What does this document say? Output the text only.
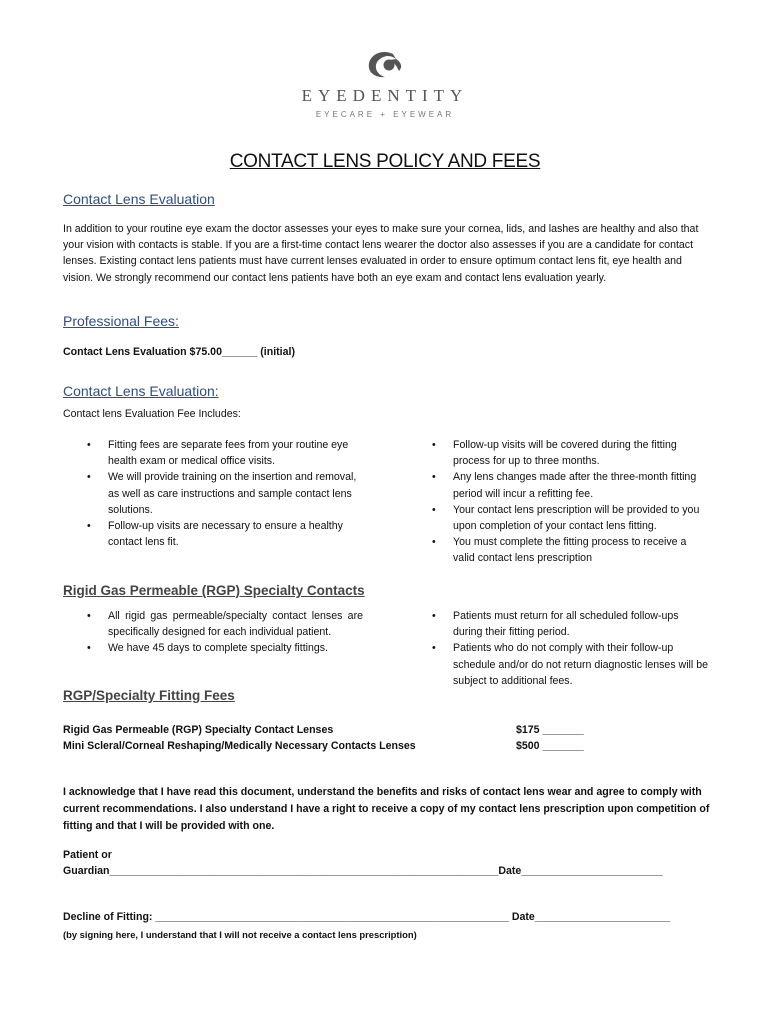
EYEDENTITY
EYECARE + EYEWEAR
CONTACT LENS POLICY AND FEES
Contact Lens Evaluation
In addition to your routine eye exam the doctor assesses your eyes to make sure your cornea, lids, and lashes are healthy and also that your vision with contacts is stable. If you are a first-time contact lens wearer the doctor also assesses if you are a candidate for contact lenses. Existing contact lens patients must have current lenses evaluated in order to ensure optimum contact lens fit, eye health and vision. We strongly recommend our contact lens patients have both an eye exam and contact lens evaluation yearly.
Professional Fees:
Contact Lens Evaluation $75.00______ (initial)
Contact Lens Evaluation:
Contact lens Evaluation Fee Includes:
• Fitting fees are separate fees from your routine eye health exam or medical office visits.
• We will provide training on the insertion and removal, as well as care instructions and sample contact lens solutions.
• Follow-up visits are necessary to ensure a healthy contact lens fit.
• Follow-up visits will be covered during the fitting process for up to three months.
• Any lens changes made after the three-month fitting period will incur a refitting fee.
• Your contact lens prescription will be provided to you upon completion of your contact lens fitting.
• You must complete the fitting process to receive a valid contact lens prescription
Rigid Gas Permeable (RGP) Specialty Contacts
• All rigid gas permeable/specialty contact lenses are specifically designed for each individual patient.
• We have 45 days to complete specialty fittings.
• Patients must return for all scheduled follow-ups during their fitting period.
• Patients who do not comply with their follow-up schedule and/or do not return diagnostic lenses will be subject to additional fees.
RGP/Specialty Fitting Fees
Rigid Gas Permeable (RGP) Specialty Contact Lenses	$175 _______
Mini Scleral/Corneal Reshaping/Medically Necessary Contacts Lenses	$500 _______
I acknowledge that I have read this document, understand the benefits and risks of contact lens wear and agree to comply with current recommendations. I also understand I have a right to receive a copy of my contact lens prescription upon competition of fitting and that I will be provided with one.
Patient or
Guardian__________________________________________________________________Date________________________
Decline of Fitting: ____________________________________________________________ Date_______________________
(by signing here, I understand that I will not receive a contact lens prescription)
